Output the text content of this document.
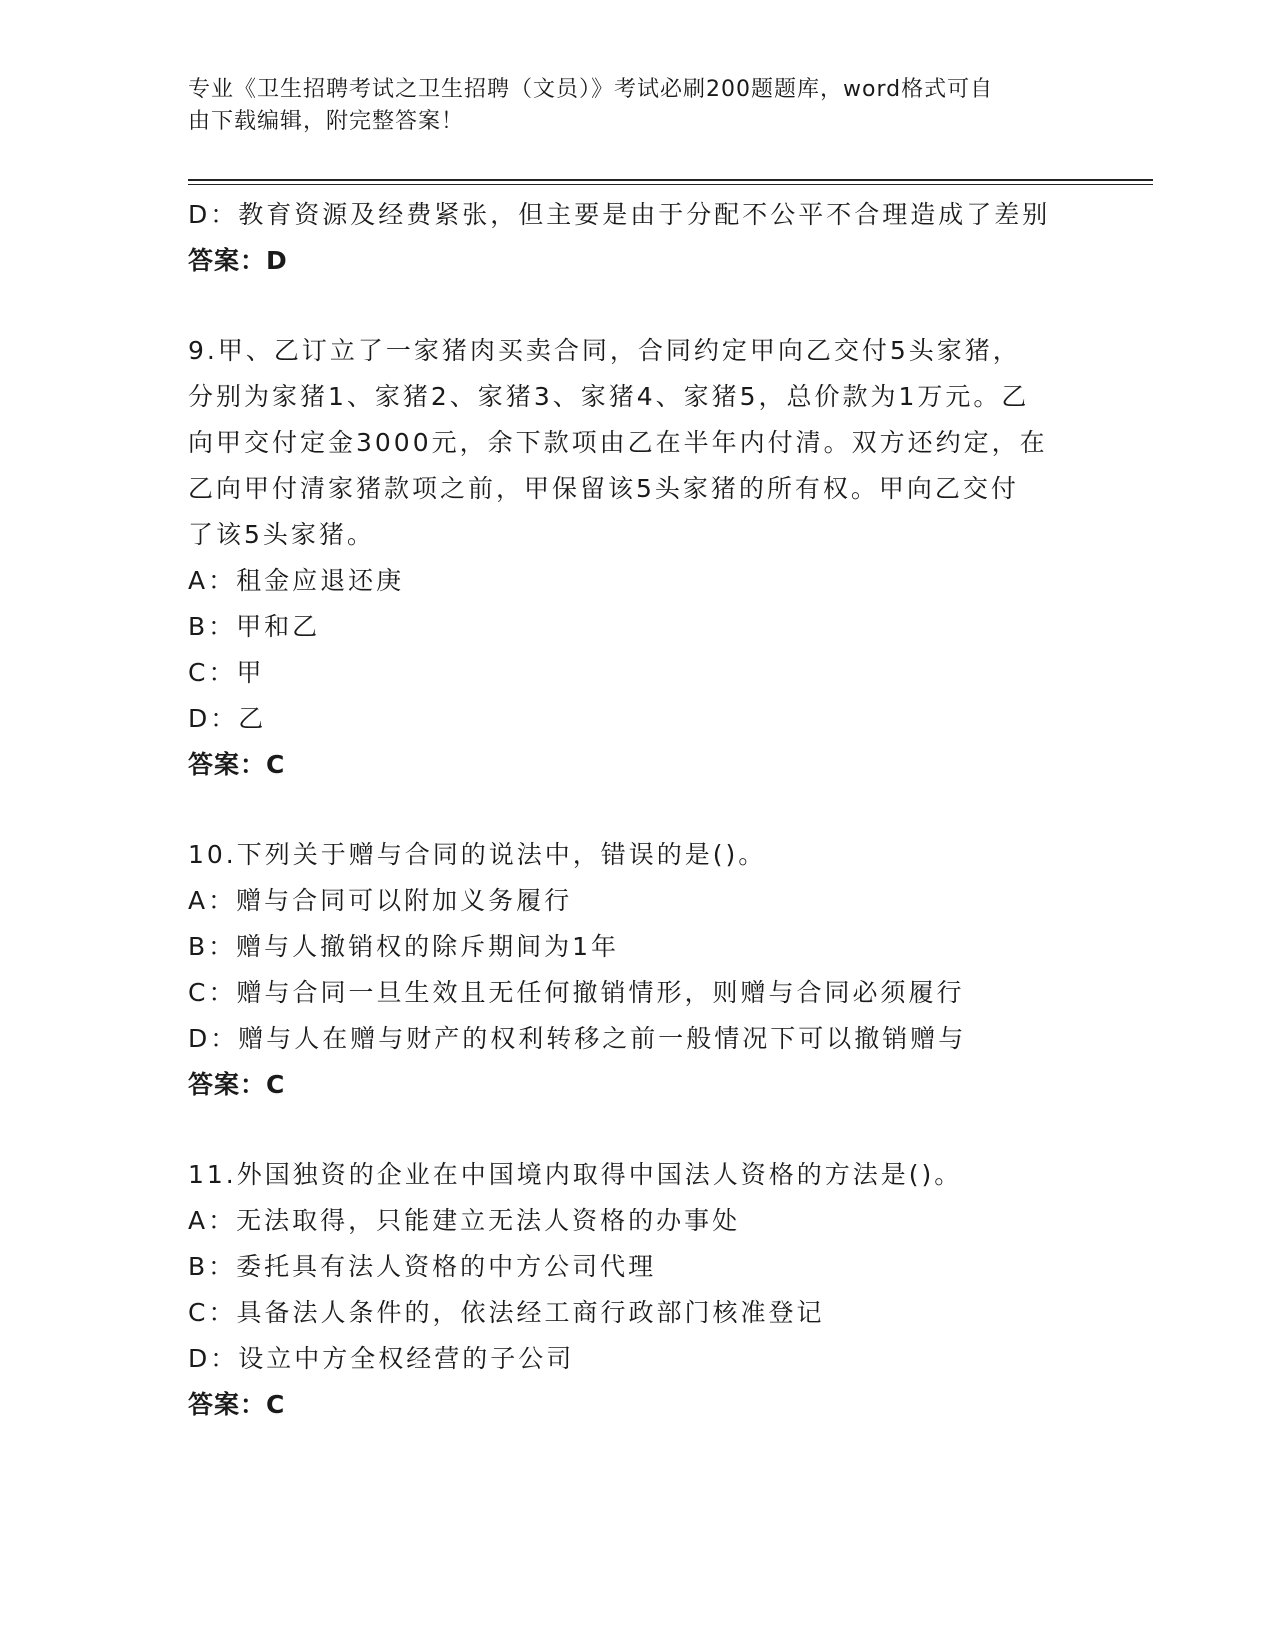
专业《卫生招聘考试之卫生招聘（文员）》考试必刷200题题库，word格式可自
由下载编辑，附完整答案！
D：教育资源及经费紧张，但主要是由于分配不公平不合理造成了差别
答案：D
9.甲、乙订立了一家猪肉买卖合同，合同约定甲向乙交付5头家猪，
分别为家猪1、家猪2、家猪3、家猪4、家猪5，总价款为1万元。乙
向甲交付定金3000元，余下款项由乙在半年内付清。双方还约定，在
乙向甲付清家猪款项之前，甲保留该5头家猪的所有权。甲向乙交付
了该5头家猪。
A：租金应退还庚
B：甲和乙
C：甲
D：乙
答案：C
10.下列关于赠与合同的说法中，错误的是()。
A：赠与合同可以附加义务履行
B：赠与人撤销权的除斥期间为1年
C：赠与合同一旦生效且无任何撤销情形，则赠与合同必须履行
D：赠与人在赠与财产的权利转移之前一般情况下可以撤销赠与
答案：C
11.外国独资的企业在中国境内取得中国法人资格的方法是()。
A：无法取得，只能建立无法人资格的办事处
B：委托具有法人资格的中方公司代理
C：具备法人条件的，依法经工商行政部门核准登记
D：设立中方全权经营的子公司
答案：C
